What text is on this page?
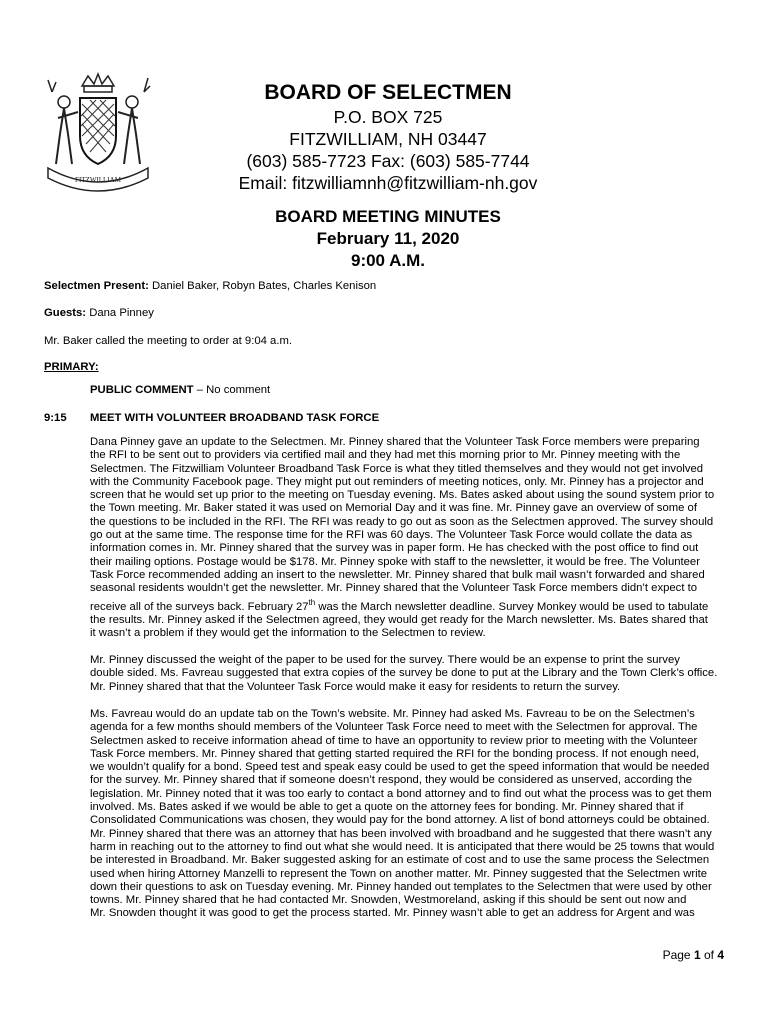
FITZWILLIAM
BOARD OF SELECTMEN
P.O. BOX 725
FITZWILLIAM, NH 03447
(603) 585-7723 Fax: (603) 585-7744
Email: fitzwilliamnh@fitzwilliam-nh.gov
BOARD MEETING MINUTES
February 11, 2020
9:00 A.M.
Selectmen Present: Daniel Baker, Robyn Bates, Charles Kenison
Guests: Dana Pinney
Mr. Baker called the meeting to order at 9:04 a.m.
PRIMARY:
PUBLIC COMMENT – No comment
9:15 MEET WITH VOLUNTEER BROADBAND TASK FORCE
Dana Pinney gave an update to the Selectmen. Mr. Pinney shared that the Volunteer Task Force members were preparing
the RFI to be sent out to providers via certified mail and they had met this morning prior to Mr. Pinney meeting with the
Selectmen. The Fitzwilliam Volunteer Broadband Task Force is what they titled themselves and they would not get involved
with the Community Facebook page. They might put out reminders of meeting notices, only. Mr. Pinney has a projector and
screen that he would set up prior to the meeting on Tuesday evening. Ms. Bates asked about using the sound system prior to
the Town meeting. Mr. Baker stated it was used on Memorial Day and it was fine. Mr. Pinney gave an overview of some of
the questions to be included in the RFI. The RFI was ready to go out as soon as the Selectmen approved. The survey should
go out at the same time. The response time for the RFI was 60 days. The Volunteer Task Force would collate the data as
information comes in. Mr. Pinney shared that the survey was in paper form. He has checked with the post office to find out
their mailing options. Postage would be $178. Mr. Pinney spoke with staff to the newsletter, it would be free. The Volunteer
Task Force recommended adding an insert to the newsletter. Mr. Pinney shared that bulk mail wasn’t forwarded and shared
seasonal residents wouldn’t get the newsletter. Mr. Pinney shared that the Volunteer Task Force members didn’t expect to
receive all of the surveys back. February 27th was the March newsletter deadline. Survey Monkey would be used to tabulate
the results. Mr. Pinney asked if the Selectmen agreed, they would get ready for the March newsletter. Ms. Bates shared that
it wasn’t a problem if they would get the information to the Selectmen to review.
Mr. Pinney discussed the weight of the paper to be used for the survey. There would be an expense to print the survey
double sided. Ms. Favreau suggested that extra copies of the survey be done to put at the Library and the Town Clerk’s office.
Mr. Pinney shared that that the Volunteer Task Force would make it easy for residents to return the survey.
Ms. Favreau would do an update tab on the Town’s website. Mr. Pinney had asked Ms. Favreau to be on the Selectmen’s
agenda for a few months should members of the Volunteer Task Force need to meet with the Selectmen for approval. The
Selectmen asked to receive information ahead of time to have an opportunity to review prior to meeting with the Volunteer
Task Force members. Mr. Pinney shared that getting started required the RFI for the bonding process. If not enough need,
we wouldn’t qualify for a bond. Speed test and speak easy could be used to get the speed information that would be needed
for the survey. Mr. Pinney shared that if someone doesn’t respond, they would be considered as unserved, according the
legislation. Mr. Pinney noted that it was too early to contact a bond attorney and to find out what the process was to get them
involved. Ms. Bates asked if we would be able to get a quote on the attorney fees for bonding. Mr. Pinney shared that if
Consolidated Communications was chosen, they would pay for the bond attorney. A list of bond attorneys could be obtained.
Mr. Pinney shared that there was an attorney that has been involved with broadband and he suggested that there wasn’t any
harm in reaching out to the attorney to find out what she would need. It is anticipated that there would be 25 towns that would
be interested in Broadband. Mr. Baker suggested asking for an estimate of cost and to use the same process the Selectmen
used when hiring Attorney Manzelli to represent the Town on another matter. Mr. Pinney suggested that the Selectmen write
down their questions to ask on Tuesday evening. Mr. Pinney handed out templates to the Selectmen that were used by other
towns. Mr. Pinney shared that he had contacted Mr. Snowden, Westmoreland, asking if this should be sent out now and
Mr. Snowden thought it was good to get the process started. Mr. Pinney wasn’t able to get an address for Argent and was
Page 1 of 4
